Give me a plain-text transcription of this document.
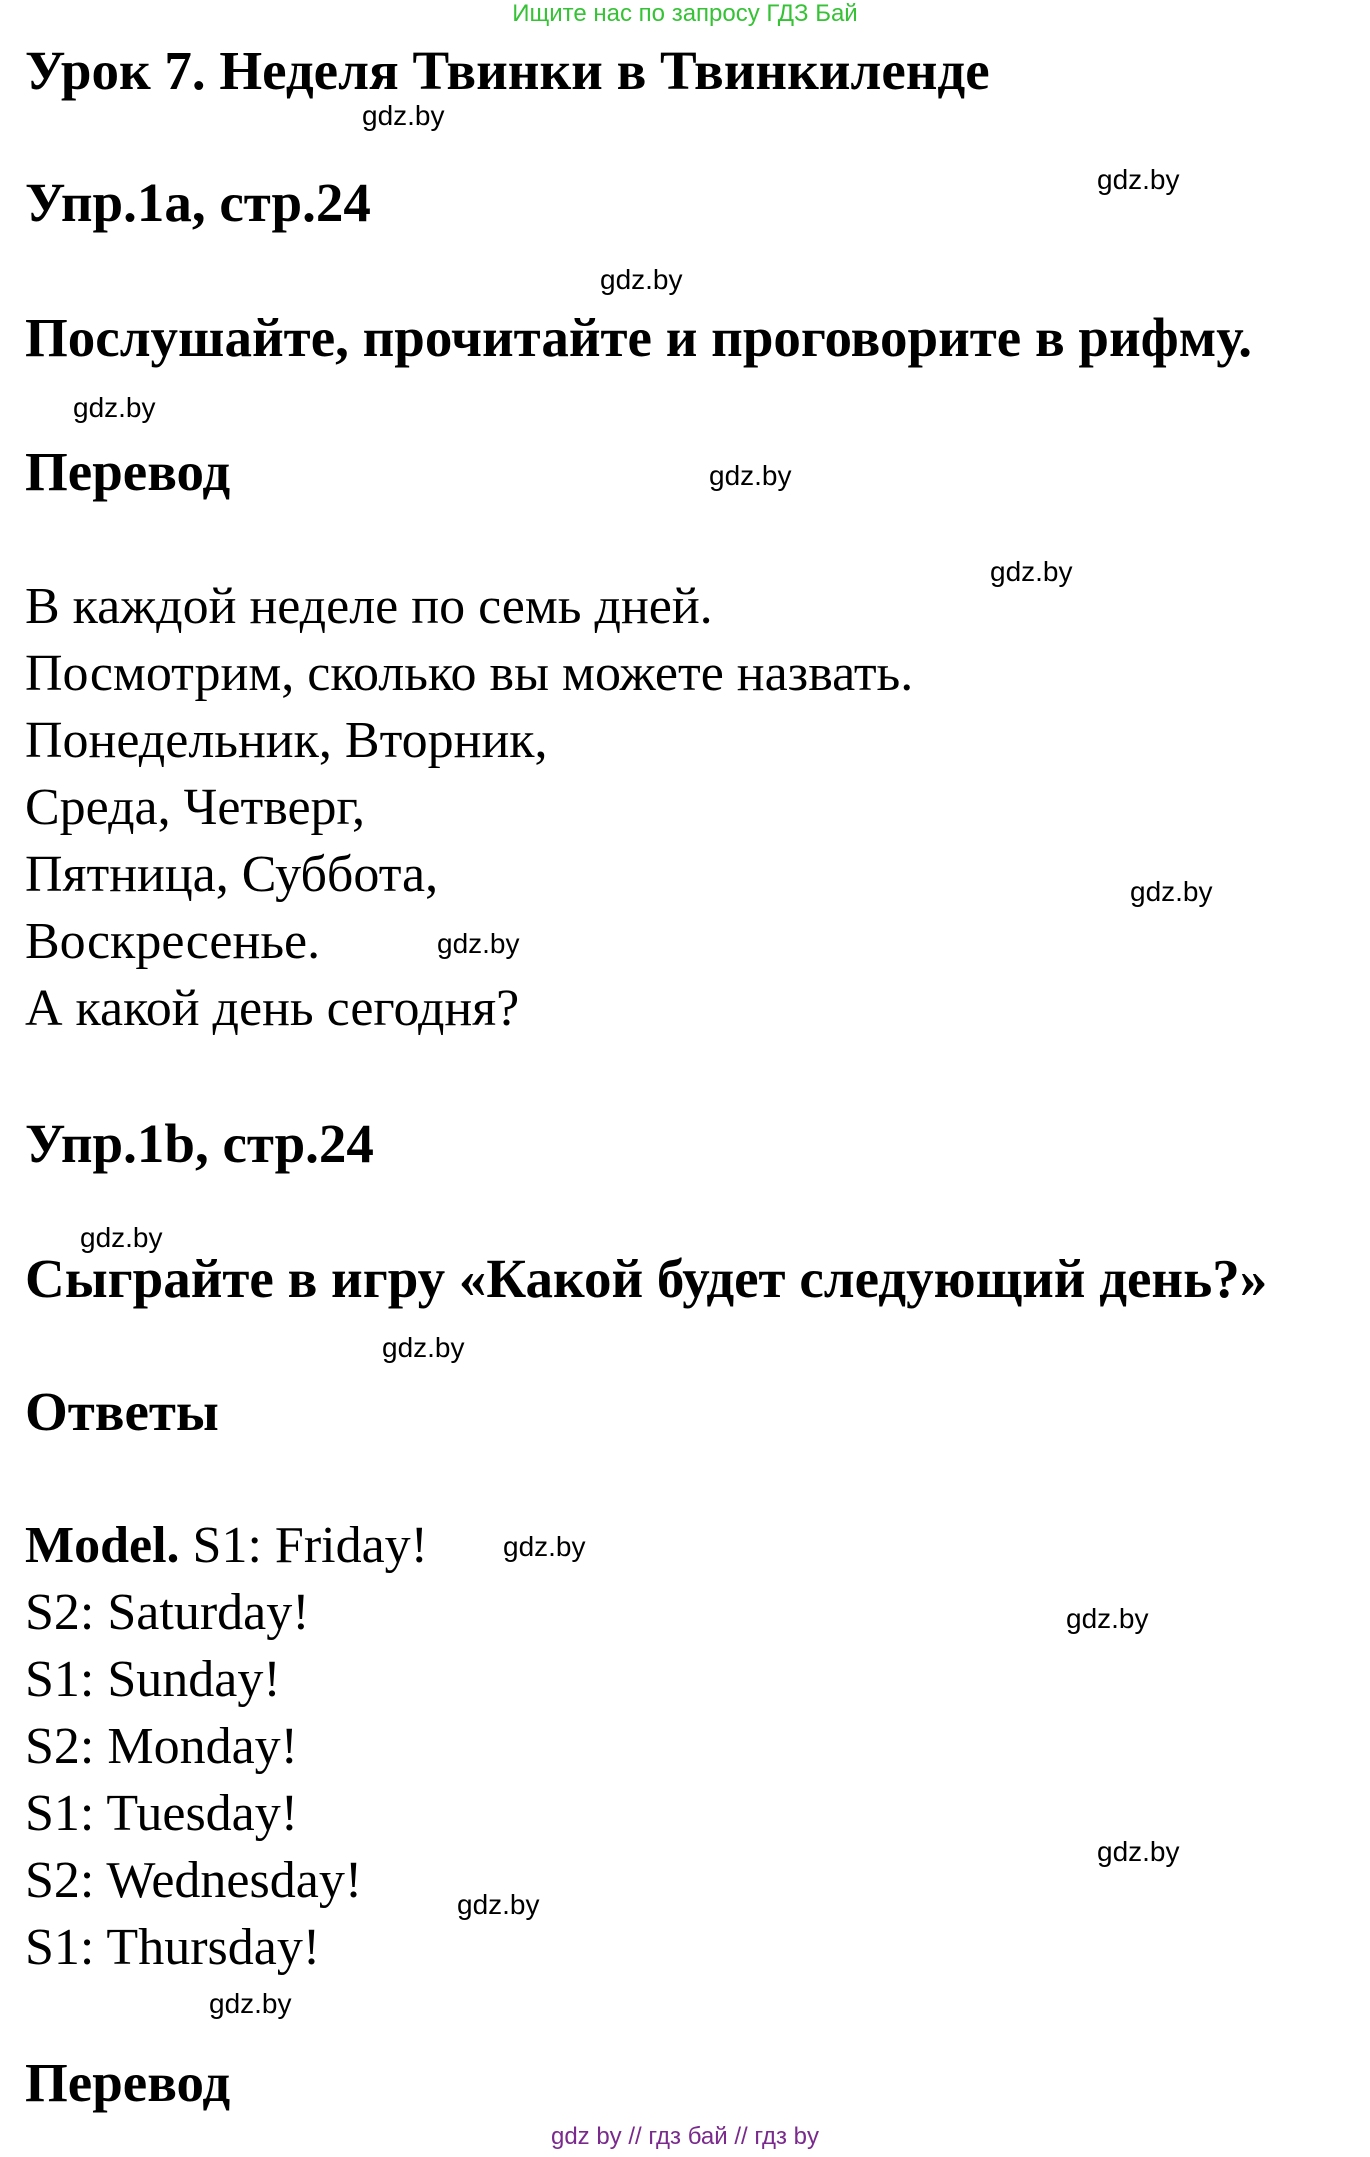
Ищите нас по запросу ГДЗ Бай
Урок 7. Неделя Твинки в Твинкиленде
Упр.1a, стр.24
Послушайте, прочитайте и проговорите в рифму.
Перевод
В каждой неделе по семь дней.
Посмотрим, сколько вы можете назвать.
Понедельник, Вторник,
Среда, Четверг,
Пятница, Суббота,
Воскресенье.
А какой день сегодня?
Упр.1b, стр.24
Сыграйте в игру «Какой будет следующий день?»
Ответы
Model. S1: Friday!
S2: Saturday!
S1: Sunday!
S2: Monday!
S1: Tuesday!
S2: Wednesday!
S1: Thursday!
Перевод
gdz.by
gdz.by
gdz.by
gdz.by
gdz.by
gdz.by
gdz.by
gdz.by
gdz.by
gdz.by
gdz.by
gdz.by
gdz.by
gdz.by
gdz.by
gdz by // гдз бай // гдз by
